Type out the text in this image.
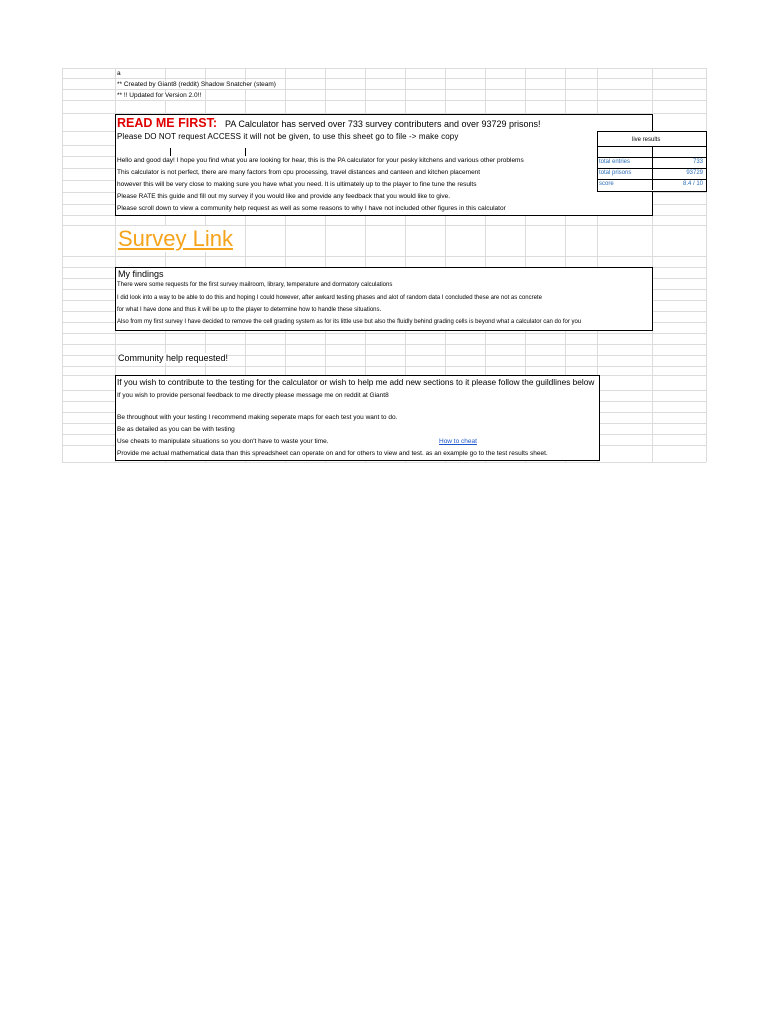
a
** Created by Giant8 (reddit) Shadow Snatcher (steam)
** !! Updated for Version 2.0!!
READ ME FIRST: PA Calculator has served over 733 survey contributers and over 93729 prisons!
Please DO NOT request ACCESS it will not be given, to use this sheet go to file -> make copy
Hello and good day! I hope you find what you are looking for hear, this is the PA calculator for your pesky kitchens and various other problems
This calculator is not perfect, there are many factors from cpu processing, travel distances and canteen and kitchen placement
however this will be very close to making sure you have what you need. It is ultimately up to the player to fine tune the results
Please RATE this guide and fill out my survey if you would like and provide any feedback that you would like to give.
Please scroll down to view a community help request as well as some reasons to why I have not included other figures in this calculator
live results
total entries	733
total prisons	93729
score	8.4 / 10
Survey Link
My findings
There were some requests for the first survey mailroom, library, temperature and dormatory calculations
I did look into a way to be able to do this and hoping I could however, after awkard testing phases and alot of random data I concluded these are not as concrete
for what I have done and thus it will be up to the player to determine how to handle these situations.
Also from my first survey I have decided to remove the cell grading system as for its little use but also the fluidly behind grading cells is beyond what a calculator can do for you
Community help requested!
If you wish to contribute to the testing for the calculator or wish to help me add new sections to it please follow the guildlines below
If you wish to provide personal feedback to me directly please message me on reddit at Giant8
Be throughout with your testing I recommend making seperate maps for each test you want to do.
Be as detailed as you can be with testing
Use cheats to manipulate situations so you don't have to waste your time.	How to cheat
Provide me actual mathematical data than this spreadsheet can operate on and for others to view and test. as an example go to the test results sheet.
